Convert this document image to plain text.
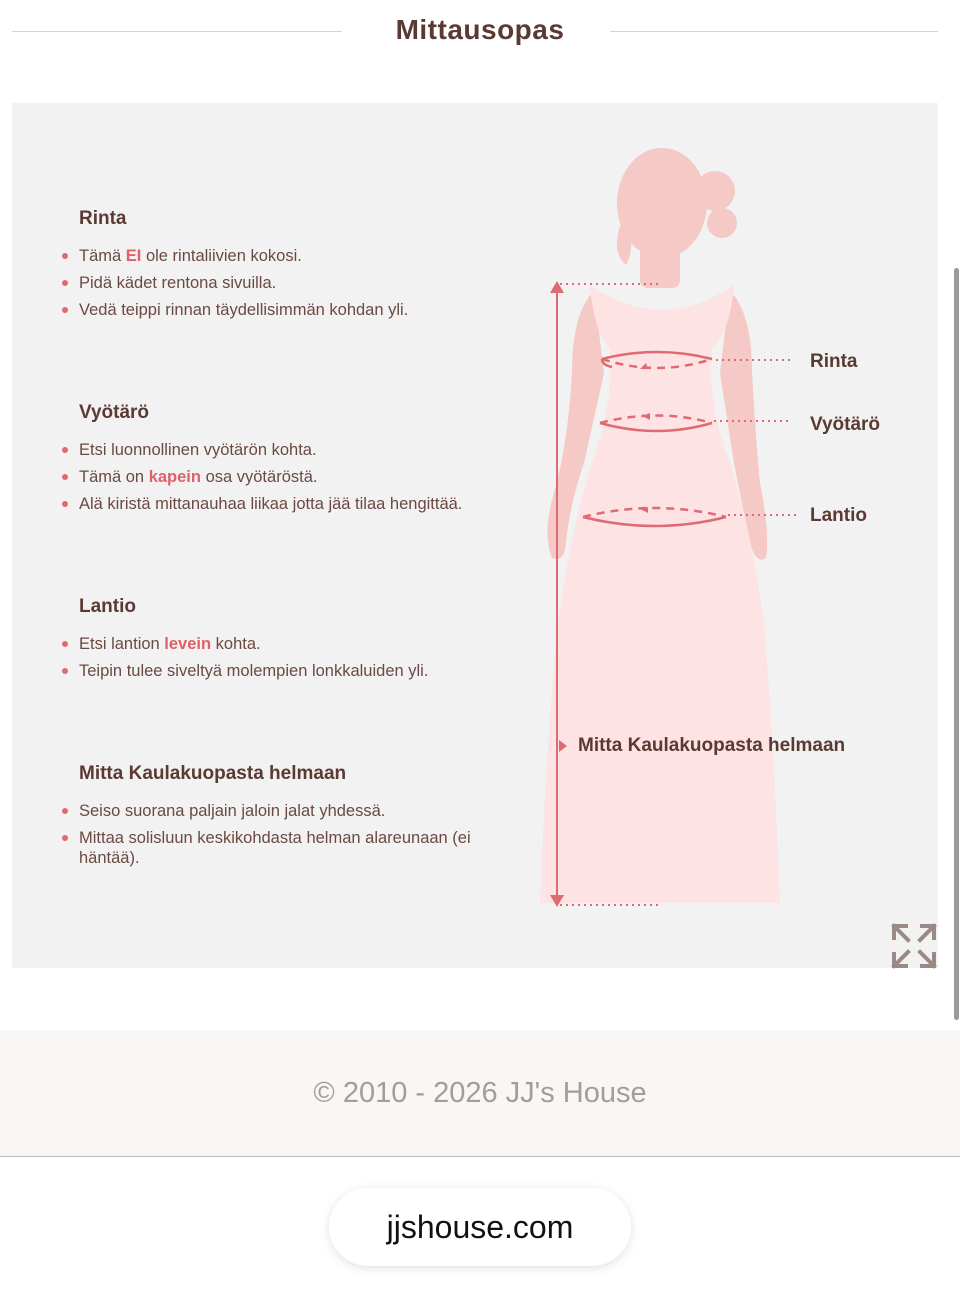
Mittausopas
Rinta
Tämä EI ole rintaliivien kokosi.
Pidä kädet rentona sivuilla.
Vedä teippi rinnan täydellisimmän kohdan yli.
Vyötärö
Etsi luonnollinen vyötärön kohta.
Tämä on kapein osa vyötäröstä.
Alä kiristä mittanauhaa liikaa jotta jää tilaa hengittää.
Lantio
Etsi lantion levein kohta.
Teipin tulee siveltyä molempien lonkkaluiden yli.
Mitta Kaulakuopasta helmaan
Seiso suorana paljain jaloin jalat yhdessä.
Mittaa solisluun keskikohdasta helman alareunaan (ei häntää).
Rinta
Vyötärö
Lantio
Mitta Kaulakuopasta helmaan
© 2010 - 2026 JJ's House
jjshouse.com
